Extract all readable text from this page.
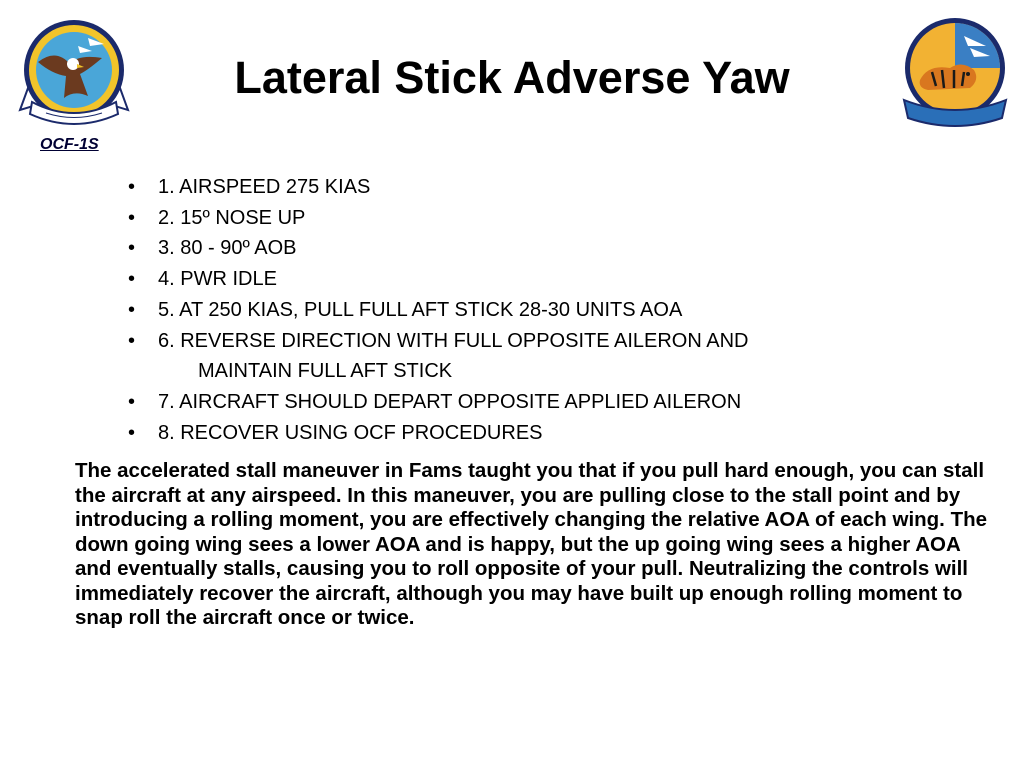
Lateral Stick Adverse Yaw
OCF-1S
• 1. AIRSPEED 275 KIAS
• 2. 15º NOSE UP
• 3. 80 - 90º AOB
• 4. PWR IDLE
• 5. AT 250 KIAS, PULL FULL AFT STICK 28-30 UNITS AOA
• 6. REVERSE DIRECTION WITH FULL OPPOSITE AILERON AND
MAINTAIN FULL AFT STICK
• 7. AIRCRAFT SHOULD DEPART OPPOSITE APPLIED AILERON
• 8. RECOVER USING OCF PROCEDURES

The accelerated stall maneuver in Fams taught you that if you pull hard enough, you can stall the aircraft at any airspeed. In this maneuver, you are pulling close to the stall point and by introducing a rolling moment, you are effectively changing the relative AOA of each wing. The down going wing sees a lower AOA and is happy, but the up going wing sees a higher AOA and eventually stalls, causing you to roll opposite of your pull. Neutralizing the controls will immediately recover the aircraft, although you may have built up enough rolling moment to snap roll the aircraft once or twice.
